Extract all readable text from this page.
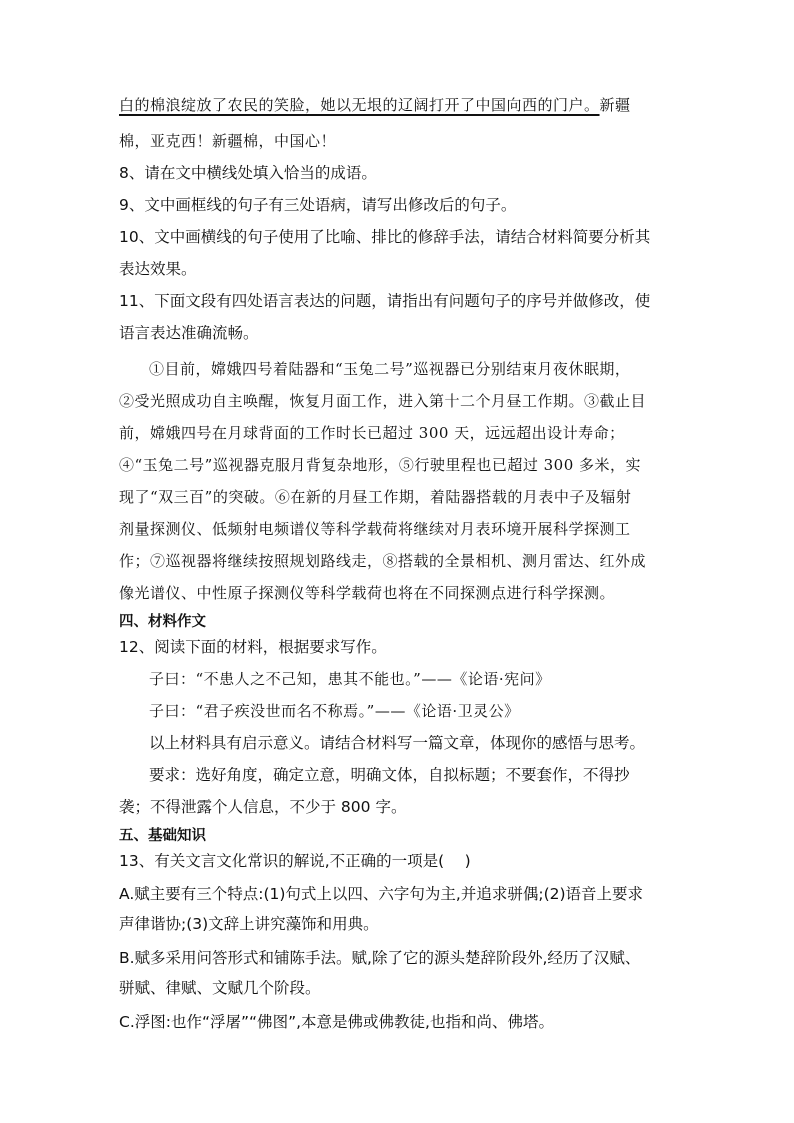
白的棉浪绽放了农民的笑脸，她以无垠的辽阔打开了中国向西的门户。新疆
棉，亚克西！新疆棉，中国心！
8、请在文中横线处填入恰当的成语。
9、文中画框线的句子有三处语病，请写出修改后的句子。
10、文中画横线的句子使用了比喻、排比的修辞手法，请结合材料简要分析其
表达效果。
11、下面文段有四处语言表达的问题，请指出有问题句子的序号并做修改，使
语言表达准确流畅。
①目前，嫦娥四号着陆器和“玉兔二号”巡视器已分别结束月夜休眠期，
②受光照成功自主唤醒，恢复月面工作，进入第十二个月昼工作期。③截止目
前，嫦娥四号在月球背面的工作时长已超过 300 天，远远超出设计寿命；
④“玉兔二号”巡视器克服月背复杂地形，⑤行驶里程也已超过 300 多米，实
现了“双三百”的突破。⑥在新的月昼工作期，着陆器搭载的月表中子及辐射
剂量探测仪、低频射电频谱仪等科学载荷将继续对月表环境开展科学探测工
作；⑦巡视器将继续按照规划路线走，⑧搭载的全景相机、测月雷达、红外成
像光谱仪、中性原子探测仪等科学载荷也将在不同探测点进行科学探测。
四、材料作文
12、阅读下面的材料，根据要求写作。
子曰：“不患人之不己知，患其不能也。”——《论语·宪问》
子曰：“君子疾没世而名不称焉。”——《论语·卫灵公》
以上材料具有启示意义。请结合材料写一篇文章，体现你的感悟与思考。
要求：选好角度，确定立意，明确文体，自拟标题；不要套作，不得抄
袭；不得泄露个人信息，不少于 800 字。
五、基础知识
13、有关文言文化常识的解说,不正确的一项是(　 )
A.赋主要有三个特点:(1)句式上以四、六字句为主,并追求骈偶;(2)语音上要求
声律谐协;(3)文辞上讲究藻饰和用典。
B.赋多采用问答形式和铺陈手法。赋,除了它的源头楚辞阶段外,经历了汉赋、
骈赋、律赋、文赋几个阶段。
C.浮图:也作“浮屠”“佛图”,本意是佛或佛教徒,也指和尚、佛塔。
